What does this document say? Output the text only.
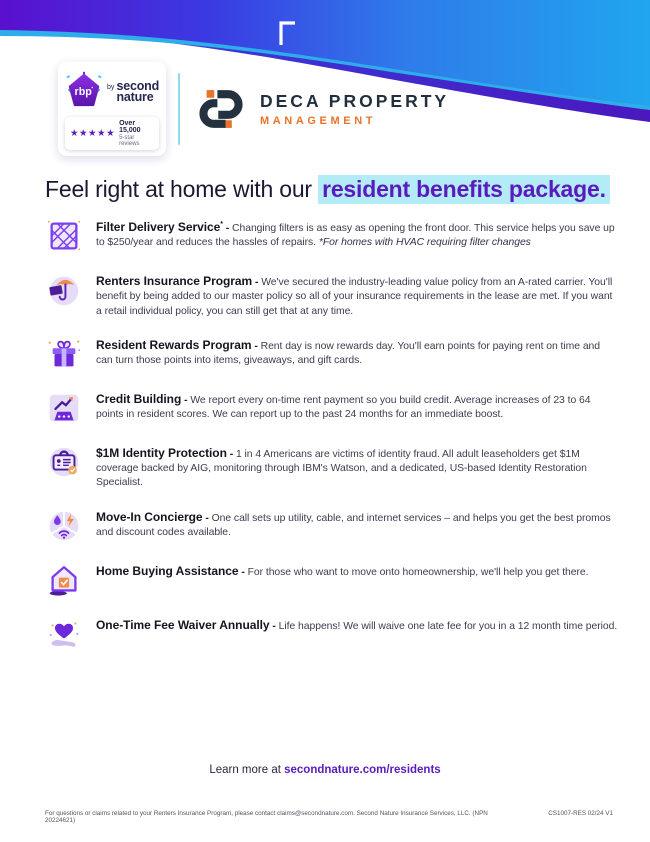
by second
nature
★★★★★
Over 15,000
5-star reviews
DECA PROPERTY
MANAGEMENT
Feel right at home with our resident benefits package.
Filter Delivery Service* - Changing filters is as easy as opening the front door. This service helps you save up to $250/year and reduces the hassles of repairs. *For homes with HVAC requiring filter changes
Renters Insurance Program - We've secured the industry-leading value policy from an A-rated carrier. You'll benefit by being added to our master policy so all of your insurance requirements in the lease are met. If you want a retail individual policy, you can still get that at any time.
Resident Rewards Program - Rent day is now rewards day. You'll earn points for paying rent on time and can turn those points into items, giveaways, and gift cards.
Credit Building - We report every on-time rent payment so you build credit. Average increases of 23 to 64 points in resident scores. We can report up to the past 24 months for an immediate boost.
$1M Identity Protection - 1 in 4 Americans are victims of identity fraud. All adult leaseholders get $1M coverage backed by AIG, monitoring through IBM's Watson, and a dedicated, US-based Identity Restoration Specialist.
Move-In Concierge - One call sets up utility, cable, and internet services – and helps you get the best promos and discount codes available.
Home Buying Assistance - For those who want to move onto homeownership, we'll help you get there.
One-Time Fee Waiver Annually - Life happens! We will waive one late fee for you in a 12 month time period.
Learn more at secondnature.com/residents
For questions or claims related to your Renters Insurance Program, please contact claims@secondnature.com. Second Nature Insurance Services, LLC. (NPN 20224621)
CS1007-RES 02/24 V1
